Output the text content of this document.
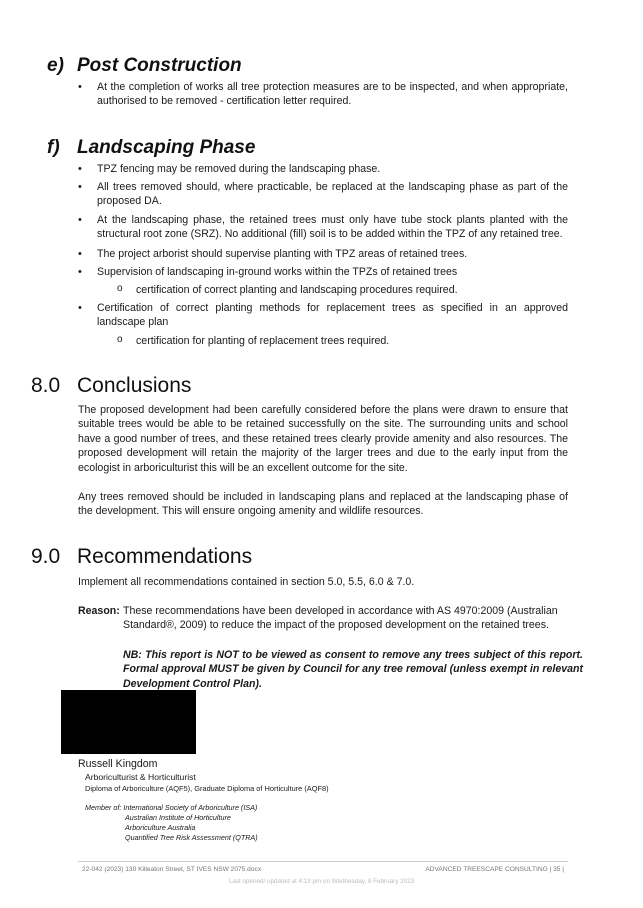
e) Post Construction
• At the completion of works all tree protection measures are to be inspected, and when appropriate, authorised to be removed - certification letter required.
f) Landscaping Phase
• TPZ fencing may be removed during the landscaping phase.
• All trees removed should, where practicable, be replaced at the landscaping phase as part of the proposed DA.
• At the landscaping phase, the retained trees must only have tube stock plants planted with the structural root zone (SRZ). No additional (fill) soil is to be added within the TPZ of any retained tree.
• The project arborist should supervise planting with TPZ areas of retained trees.
• Supervision of landscaping in-ground works within the TPZs of retained trees
o certification of correct planting and landscaping procedures required.
• Certification of correct planting methods for replacement trees as specified in an approved landscape plan
o certification for planting of replacement trees required.
8.0 Conclusions
The proposed development had been carefully considered before the plans were drawn to ensure that suitable trees would be able to be retained successfully on the site. The surrounding units and school have a good number of trees, and these retained trees clearly provide amenity and also resources. The proposed development will retain the majority of the larger trees and due to the early input from the ecologist in arboriculturist this will be an excellent outcome for the site.
Any trees removed should be included in landscaping plans and replaced at the landscaping phase of the development. This will ensure ongoing amenity and wildlife resources.
9.0 Recommendations
Implement all recommendations contained in section 5.0, 5.5, 6.0 & 7.0.
Reason: These recommendations have been developed in accordance with AS 4970:2009 (Australian Standard®, 2009) to reduce the impact of the proposed development on the retained trees.
NB: This report is NOT to be viewed as consent to remove any trees subject of this report. Formal approval MUST be given by Council for any tree removal (unless exempt in relevant Development Control Plan).
Russell Kingdom
Arboriculturist & Horticulturist
Diploma of Arboriculture (AQF5), Graduate Diploma of Horticulture (AQF8)
Member of: International Society of Arboriculture (ISA)
Australian Institute of Horticulture
Arboriculture Australia
Quantified Tree Risk Assessment (QTRA)
22-042 (2023) 130 Killeaton Street, ST IVES NSW 2075.docx	ADVANCED TREESCAPE CONSULTING | 35 |
Last opened/ updated at 4:13 pm on Wednesday, 8 February 2023
